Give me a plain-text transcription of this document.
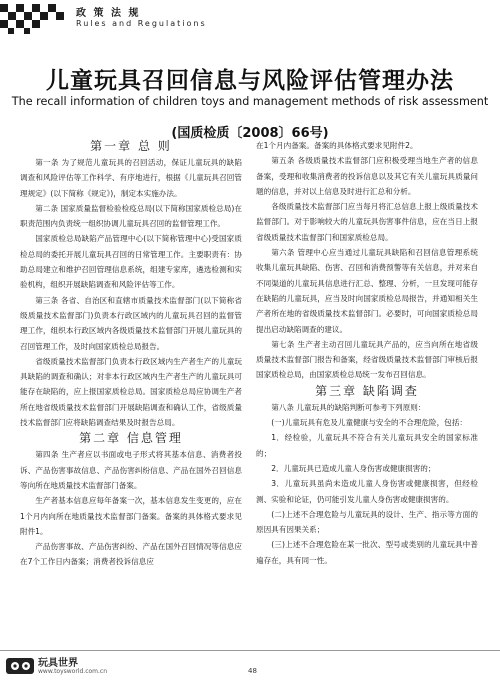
政 策 法 规
Rules and Regulations
儿童玩具召回信息与风险评估管理办法
The recall information of children toys and management methods of risk assessment
(国质检质〔2008〕66号)
第一章 总 则

第一条 为了规范儿童玩具的召回活动，保证儿童玩具的缺陷调查和风险评估等工作科学、有序地进行，根据《儿童玩具召回管理规定》(以下简称《规定》)，制定本实施办法。

第二条 国家质量监督检验检疫总局(以下简称国家质检总局)在职责范围内负责统一组织协调儿童玩具召回的监督管理工作。

国家质检总局缺陷产品管理中心(以下简称管理中心)受国家质检总局的委托开展儿童玩具召回的日常管理工作。主要职责有：协助总局建立和维护召回管理信息系统，组建专家库，遴选检测和实验机构，组织开展缺陷调查和风险评估等工作。

第三条 各省、自治区和直辖市质量技术监督部门(以下简称省级质量技术监督部门)负责本行政区域内的儿童玩具召回的监督管理工作，组织本行政区域内各级质量技术监督部门开展儿童玩具的召回管理工作，及时向国家质检总局报告。

省级质量技术监督部门负责本行政区域内生产者生产的儿童玩具缺陷的调查和确认；对非本行政区域内生产者生产的儿童玩具可能存在缺陷的，应上报国家质检总局。国家质检总局应协调生产者所在地省级质量技术监督部门开展缺陷调查和确认工作，省级质量技术监督部门应将缺陷调查结果及时报告总局。

第二章 信息管理

第四条 生产者应以书面或电子形式将其基本信息、消费者投诉、产品伤害事故信息、产品伤害纠纷信息、产品在国外召回信息等向所在地质量技术监督部门备案。

生产者基本信息应每年备案一次，基本信息发生变更的，应在1个月内向所在地质量技术监督部门备案。备案的具体格式要求见附件1。

产品伤害事故、产品伤害纠纷、产品在国外召回情况等信息应在7个工作日内备案；消费者投诉信息应

在1个月内备案。备案的具体格式要求见附件2。

第五条 各级质量技术监督部门应积极受理当地生产者的信息备案，受理和收集消费者的投诉信息以及其它有关儿童玩具质量问题的信息，并对以上信息及时进行汇总和分析。

各级质量技术监督部门应当每月将汇总信息上报上级质量技术监督部门。对于影响较大的儿童玩具伤害事件信息，应在当日上报省级质量技术监督部门和国家质检总局。

第六条 管理中心应当通过儿童玩具缺陷和召回信息管理系统收集儿童玩具缺陷、伤害、召回和消费预警等有关信息，并对来自不同渠道的儿童玩具信息进行汇总、整理、分析，一旦发现可能存在缺陷的儿童玩具，应当及时向国家质检总局报告，并通知相关生产者所在地的省级质量技术监督部门。必要时，可向国家质检总局提出启动缺陷调查的建议。

第七条 生产者主动召回儿童玩具产品的，应当向所在地省级质量技术监督部门报告和备案，经省级质量技术监督部门审核后报国家质检总局，由国家质检总局统一发布召回信息。

第三章 缺陷调查

第八条 儿童玩具的缺陷判断可参考下列原则：

(一)儿童玩具有危及儿童健康与安全的不合理危险，包括：

1．经检验，儿童玩具不符合有关儿童玩具安全的国家标准的；

2．儿童玩具已造成儿童人身伤害或健康损害的；

3．儿童玩具虽尚未造成儿童人身伤害或健康损害，但经检测、实验和论证，仍可能引发儿童人身伤害或健康损害的。

(二)上述不合理危险与儿童玩具的设计、生产、指示等方面的原因具有因果关系；

(三)上述不合理危险在某一批次、型号或类别的儿童玩具中普遍存在，具有同一性。

玩具世界
www.toysworld.com.cn	48
